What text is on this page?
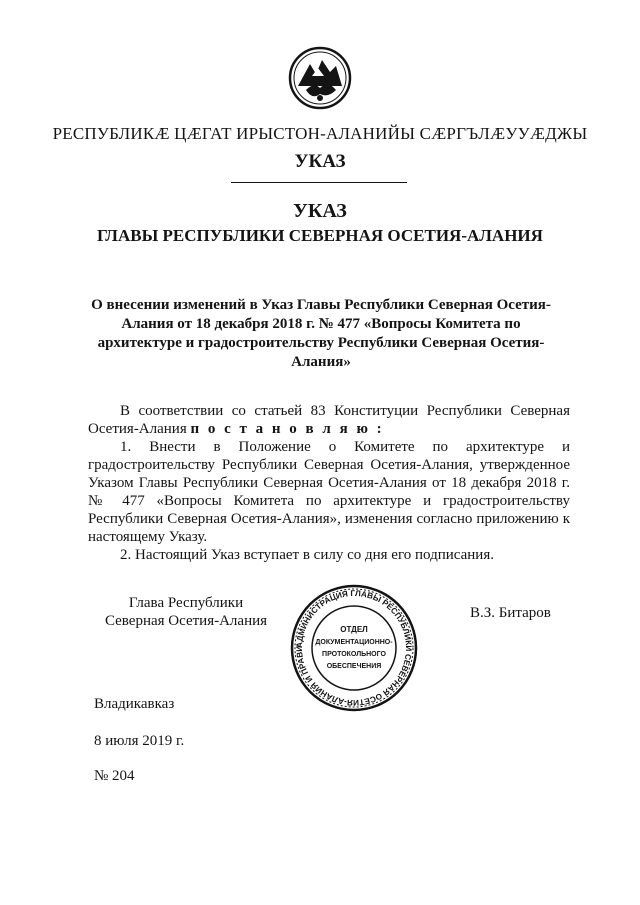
РЕСПУБЛИКӔ ЦӔГАТ ИРЫСТОН-АЛАНИЙЫ СӔРГЪЛӔУУӔДЖЫ
УКАЗ
УКАЗ
ГЛАВЫ РЕСПУБЛИКИ СЕВЕРНАЯ ОСЕТИЯ-АЛАНИЯ
О внесении изменений в Указ Главы Республики Северная Осетия-
Алания от 18 декабря 2018 г. № 477 «Вопросы Комитета по
архитектуре и градостроительству Республики Северная Осетия-
Алания»

В соответствии со статьей 83 Конституции Республики Северная Осетия-Алания п о с т а н о в л я ю :

1. Внести в Положение о Комитете по архитектуре и градостроительству Республики Северная Осетия-Алания, утвержденное Указом Главы Республики Северная Осетия-Алания от 18 декабря 2018 г. № 477 «Вопросы Комитета по архитектуре и градостроительству Республики Северная Осетия-Алания», изменения согласно приложению к настоящему Указу.

2. Настоящий Указ вступает в силу со дня его подписания.

Глава Республики
Северная Осетия-Алания
АДМИНИСТРАЦИЯ ГЛАВЫ РЕСПУБЛИКИ СЕВЕРНАЯ ОСЕТИЯ-АЛАНИЯ И ПРАВИ
ОТДЕЛ
ДОКУМЕНТАЦИОННО-
ПРОТОКОЛЬНОГО
ОБЕСПЕЧЕНИЯ
В.З. Битаров
Владикавказ
8 июля 2019 г.
№ 204
